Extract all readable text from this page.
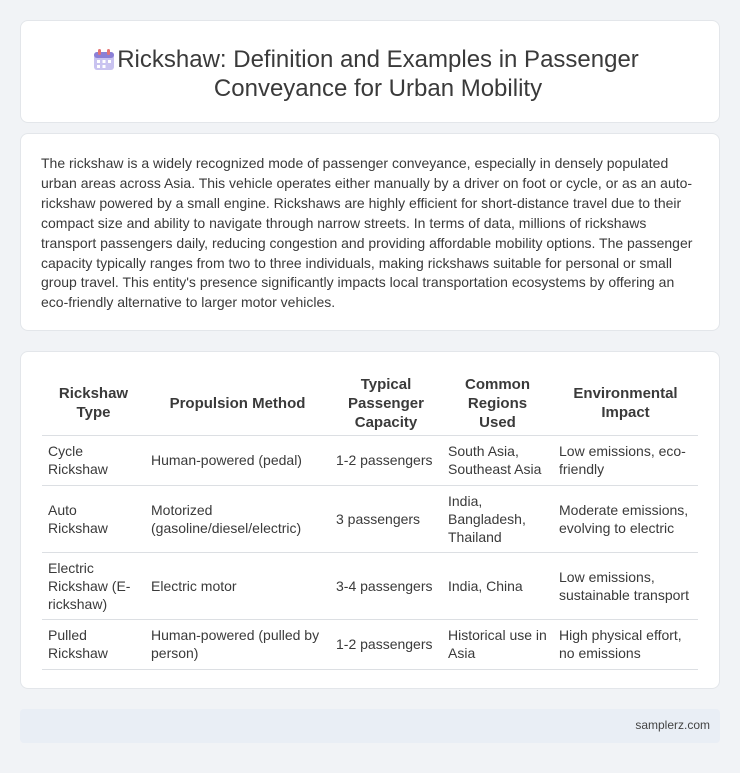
Rickshaw: Definition and Examples in Passenger Conveyance for Urban Mobility

The rickshaw is a widely recognized mode of passenger conveyance, especially in densely populated urban areas across Asia. This vehicle operates either manually by a driver on foot or cycle, or as an auto-rickshaw powered by a small engine. Rickshaws are highly efficient for short-distance travel due to their compact size and ability to navigate through narrow streets. In terms of data, millions of rickshaws transport passengers daily, reducing congestion and providing affordable mobility options. The passenger capacity typically ranges from two to three individuals, making rickshaws suitable for personal or small group travel. This entity's presence significantly impacts local transportation ecosystems by offering an eco-friendly alternative to larger motor vehicles.

Rickshaw Type	Propulsion Method	Typical Passenger Capacity	Common Regions Used	Environmental Impact
Cycle Rickshaw	Human-powered (pedal)	1-2 passengers	South Asia, Southeast Asia	Low emissions, eco-friendly
Auto Rickshaw	Motorized (gasoline/diesel/electric)	3 passengers	India, Bangladesh, Thailand	Moderate emissions, evolving to electric
Electric Rickshaw (E-rickshaw)	Electric motor	3-4 passengers	India, China	Low emissions, sustainable transport
Pulled Rickshaw	Human-powered (pulled by person)	1-2 passengers	Historical use in Asia	High physical effort, no emissions
samplerz.com
